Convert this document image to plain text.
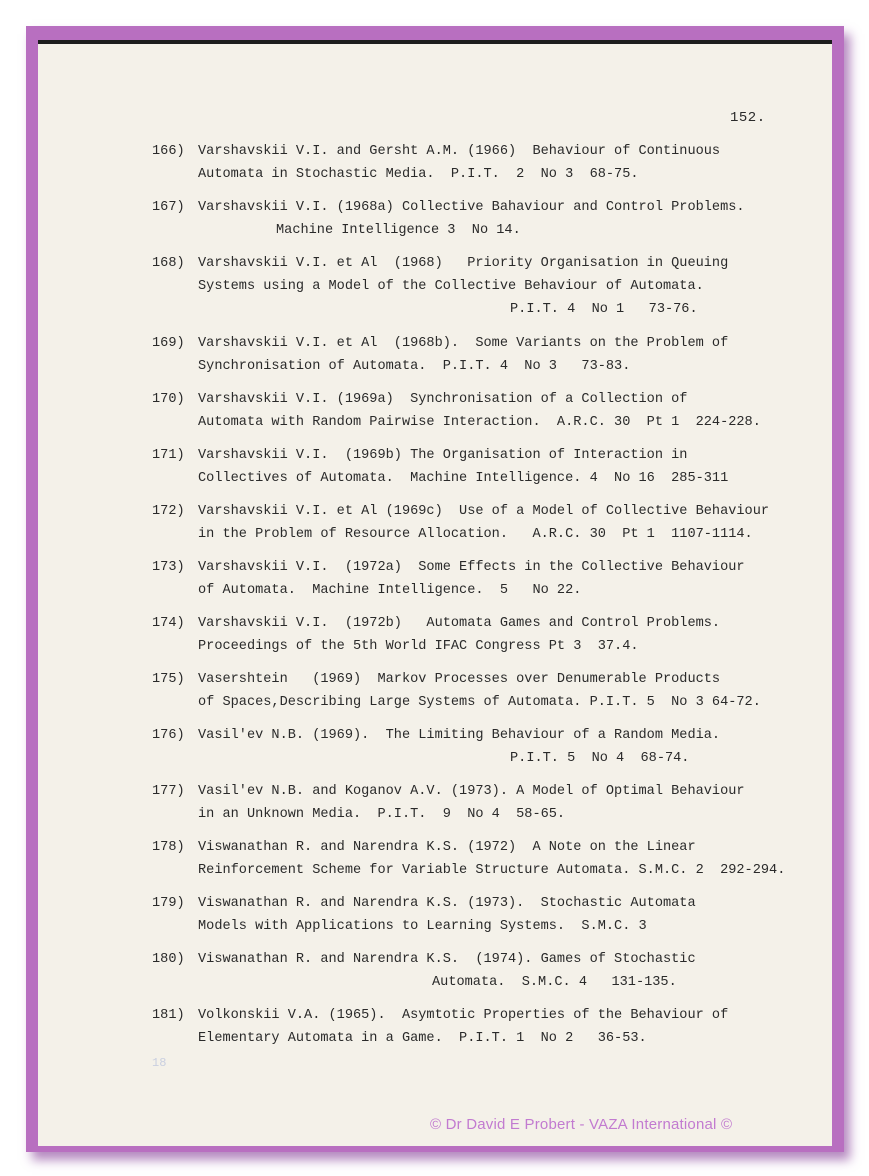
152.
166) Varshavskii V.I. and Gersht A.M. (1966)  Behaviour of Continuous
Automata in Stochastic Media.  P.I.T.  2  No 3  68-75.
167) Varshavskii V.I. (1968a) Collective Bahaviour and Control Problems.
Machine Intelligence 3  No 14.
168) Varshavskii V.I. et Al  (1968)   Priority Organisation in Queuing
Systems using a Model of the Collective Behaviour of Automata.
P.I.T. 4  No 1   73-76.
169) Varshavskii V.I. et Al  (1968b).  Some Variants on the Problem of
Synchronisation of Automata.  P.I.T. 4  No 3   73-83.
170) Varshavskii V.I. (1969a)  Synchronisation of a Collection of
Automata with Random Pairwise Interaction.  A.R.C. 30  Pt 1  224-228.
171) Varshavskii V.I.  (1969b) The Organisation of Interaction in
Collectives of Automata.  Machine Intelligence. 4  No 16  285-311
172) Varshavskii V.I. et Al (1969c)  Use of a Model of Collective Behaviour
in the Problem of Resource Allocation.   A.R.C. 30  Pt 1  1107-1114.
173) Varshavskii V.I.  (1972a)  Some Effects in the Collective Behaviour
of Automata.  Machine Intelligence.  5   No 22.
174) Varshavskii V.I.  (1972b)   Automata Games and Control Problems.
Proceedings of the 5th World IFAC Congress Pt 3  37.4.
175) Vasershtein   (1969)  Markov Processes over Denumerable Products
of Spaces,Describing Large Systems of Automata. P.I.T. 5  No 3 64-72.
176) Vasil'ev N.B. (1969).  The Limiting Behaviour of a Random Media.
P.I.T. 5  No 4  68-74.
177) Vasil'ev N.B. and Koganov A.V. (1973). A Model of Optimal Behaviour
in an Unknown Media.  P.I.T.  9  No 4  58-65.
178) Viswanathan R. and Narendra K.S. (1972)  A Note on the Linear
Reinforcement Scheme for Variable Structure Automata. S.M.C. 2  292-294.
179) Viswanathan R. and Narendra K.S. (1973).  Stochastic Automata
Models with Applications to Learning Systems.  S.M.C. 3
180) Viswanathan R. and Narendra K.S.  (1974). Games of Stochastic
Automata.  S.M.C. 4   131-135.
181) Volkonskii V.A. (1965).  Asymtotic Properties of the Behaviour of
Elementary Automata in a Game.  P.I.T. 1  No 2   36-53.
18
© Dr David E Probert - VAZA International ©
